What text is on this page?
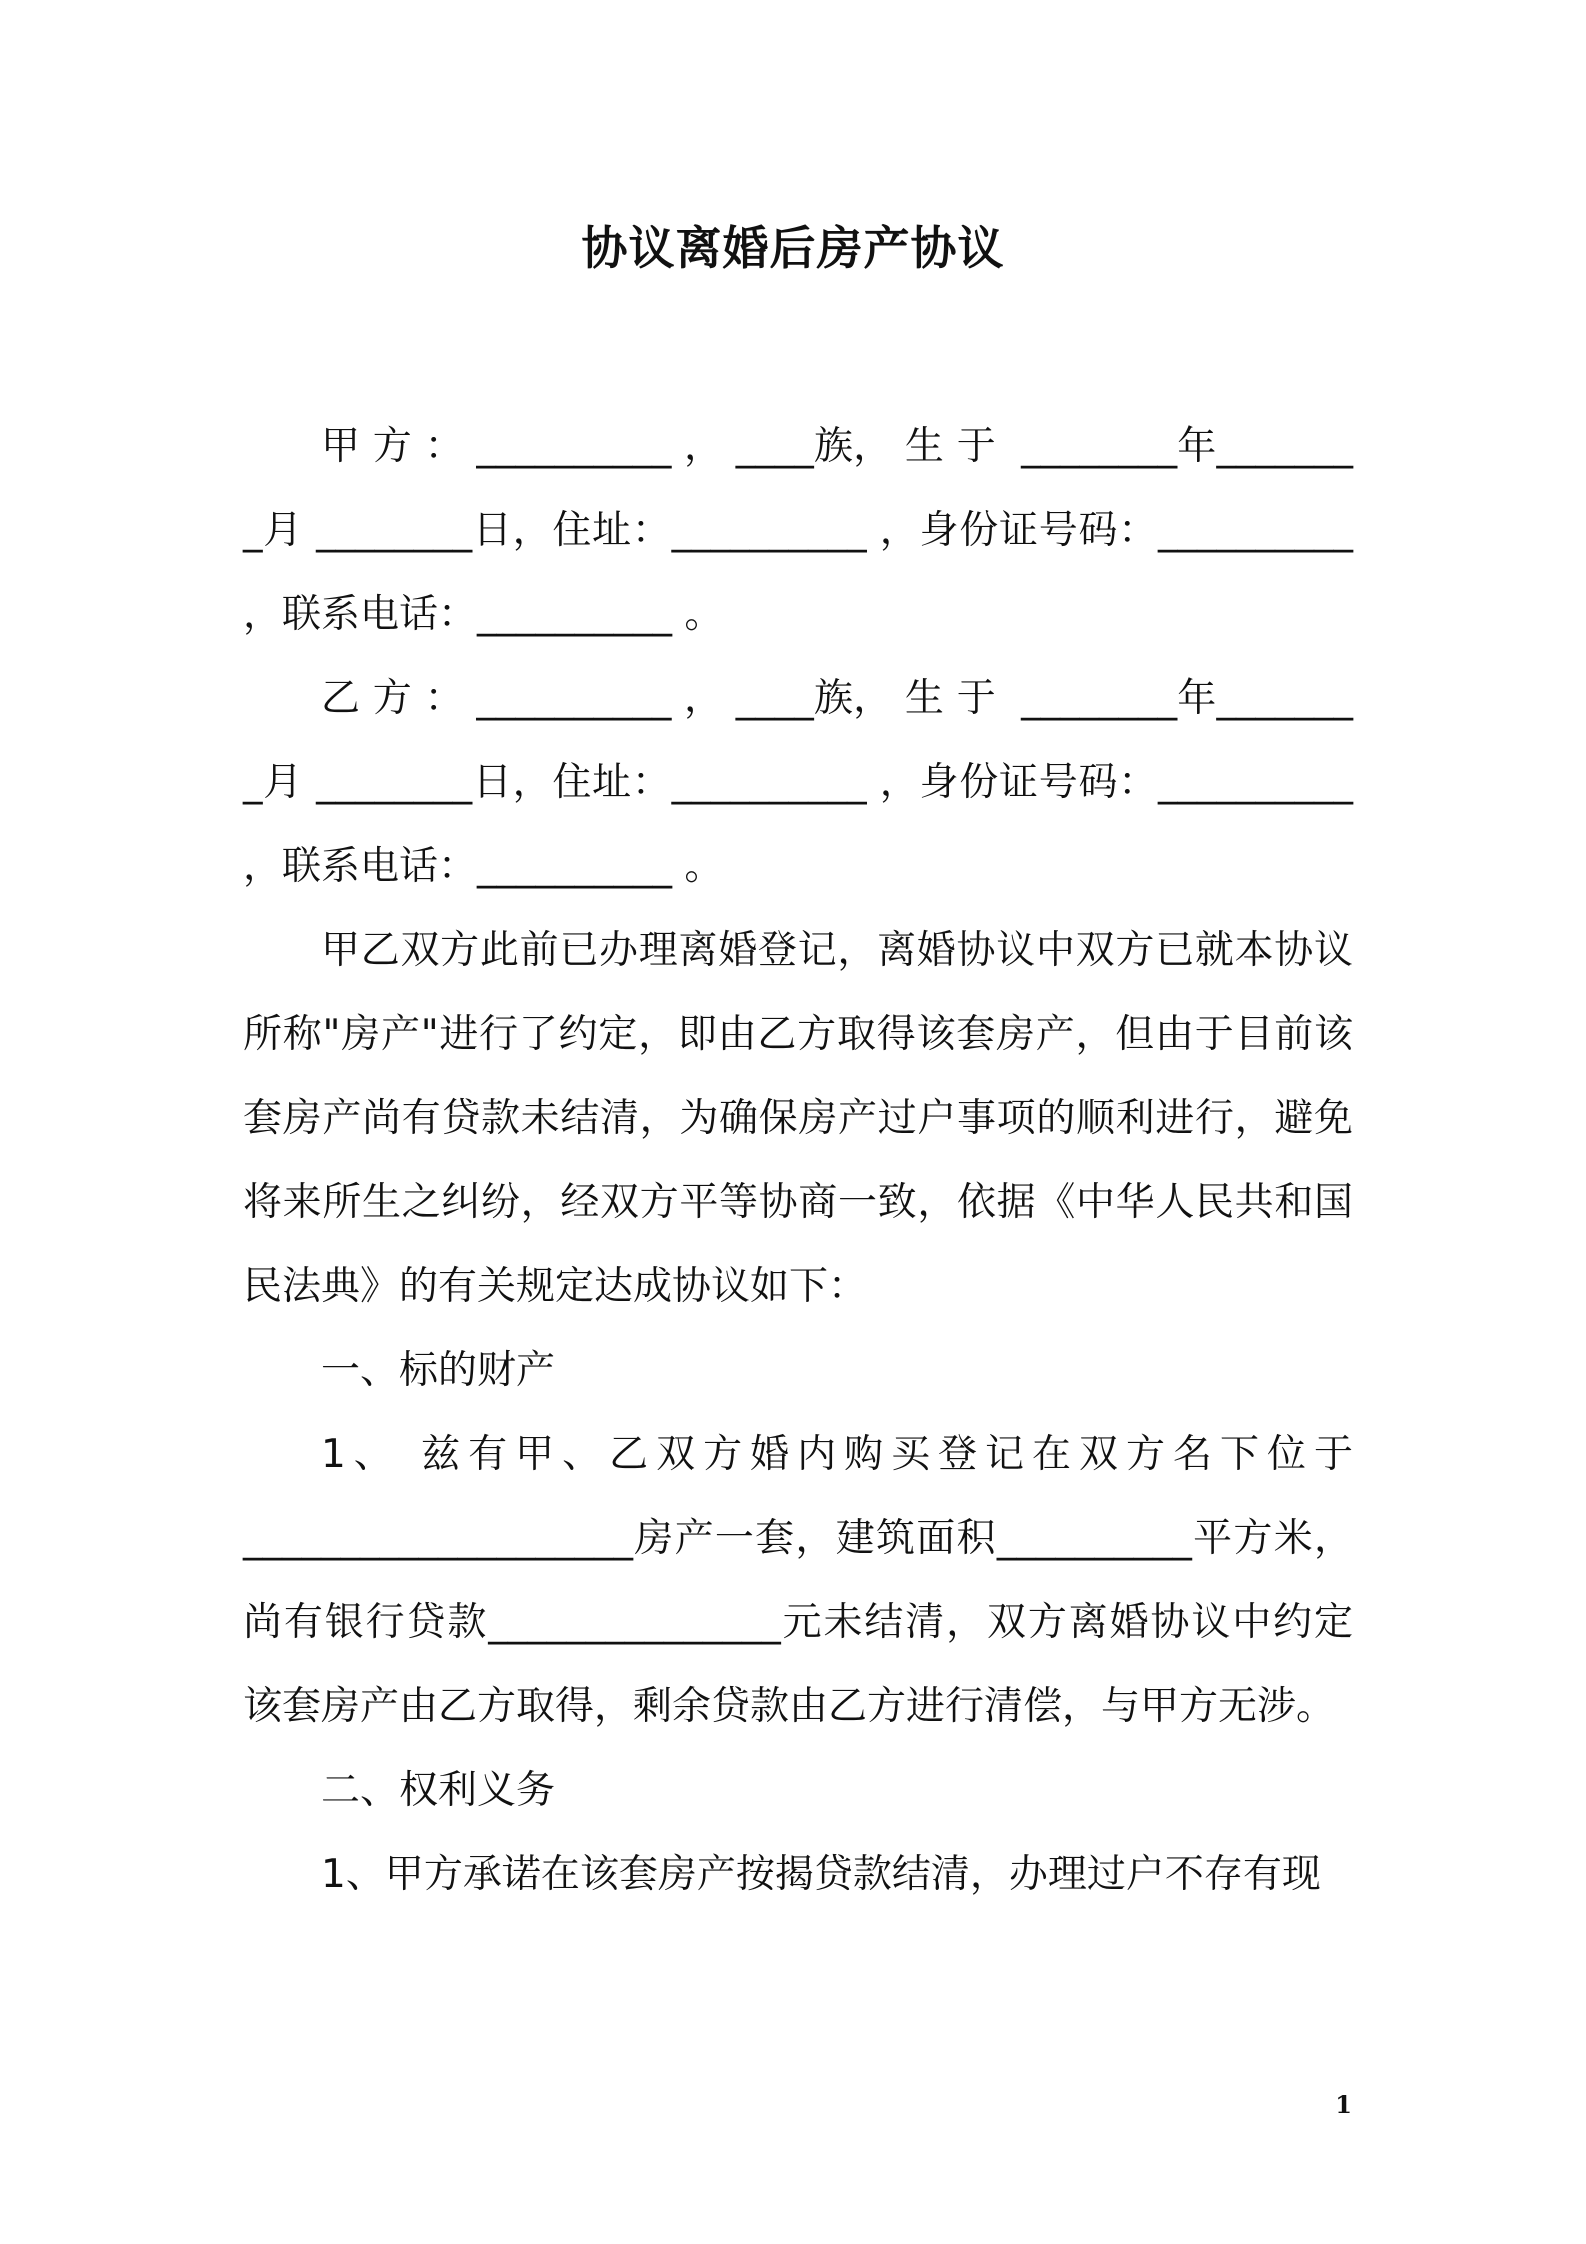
协议离婚后房产协议

甲 方 ： __________ ， ____族， 生 于  ________年________月 ________日，住址：__________ ，身份证号码：__________ ，联系电话：__________ 。

乙 方 ： __________ ， ____族， 生 于  ________年________月 ________日，住址：__________ ，身份证号码：__________ ，联系电话：__________ 。

甲乙双方此前已办理离婚登记，离婚协议中双方已就本协议所称"房产"进行了约定，即由乙方取得该套房产，但由于目前该套房产尚有贷款未结清，为确保房产过户事项的顺利进行，避免将来所生之纠纷，经双方平等协商一致，依据《中华人民共和国民法典》的有关规定达成协议如下：

一、标的财产

1、 兹有甲、乙双方婚内购买登记在双方名下位于____________________房产一套，建筑面积__________平方米，尚有银行贷款_______________元未结清，双方离婚协议中约定该套房产由乙方取得，剩余贷款由乙方进行清偿，与甲方无涉。

二、权利义务

1、甲方承诺在该套房产按揭贷款结清，办理过户不存有现

1
